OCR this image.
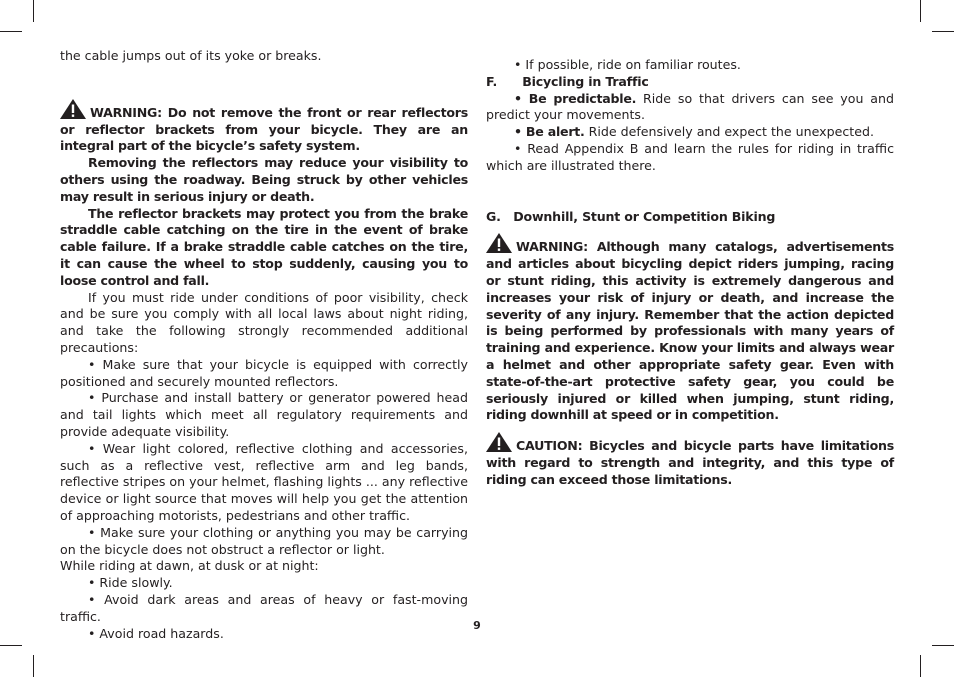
the cable jumps out of its yoke or breaks.

WARNING: Do not remove the front or rear reflectors or reflector brackets from your bicycle. They are an integral part of the bicycle’s safety system.

Removing the reflectors may reduce your visibility to others using the roadway. Being struck by other vehicles may result in serious injury or death.

The reflector brackets may protect you from the brake straddle cable catching on the tire in the event of brake cable failure. If a brake straddle cable catches on the tire, it can cause the wheel to stop suddenly, causing you to loose control and fall.

If you must ride under conditions of poor visibility, check and be sure you comply with all local laws about night riding, and take the following strongly recommended additional precautions:

• Make sure that your bicycle is equipped with correctly positioned and securely mounted reflectors.

• Purchase and install battery or generator powered head and tail lights which meet all regulatory requirements and provide adequate visibility.

• Wear light colored, reflective clothing and accessories, such as a reflective vest, reflective arm and leg bands, reflective stripes on your helmet, flashing lights ... any reflective device or light source that moves will help you get the attention of approaching motorists, pedestrians and other traffic.

• Make sure your clothing or anything you may be carrying on the bicycle does not obstruct a reflector or light.

While riding at dawn, at dusk or at night:

• Ride slowly.

• Avoid dark areas and areas of heavy or fast-moving traffic.

• Avoid road hazards.

• If possible, ride on familiar routes.

F.      Bicycling in Traffic

• Be predictable. Ride so that drivers can see you and predict your movements.

• Be alert. Ride defensively and expect the unexpected.

• Read Appendix B and learn the rules for riding in traffic which are illustrated there.

G.   Downhill, Stunt or Competition Biking

WARNING: Although many catalogs, advertisements and articles about bicycling depict riders jumping, racing or stunt riding, this activity is extremely dangerous and increases your risk of injury or death, and increase the severity of any injury. Remember that the action depicted is being performed by professionals with many years of training and experience. Know your limits and always wear a helmet and other appropriate safety gear. Even with state-of-the-art protective safety gear, you could be seriously injured or killed when jumping, stunt riding, riding downhill at speed or in competition.

CAUTION: Bicycles and bicycle parts have limitations with regard to strength and integrity, and this type of riding can exceed those limitations.

9
